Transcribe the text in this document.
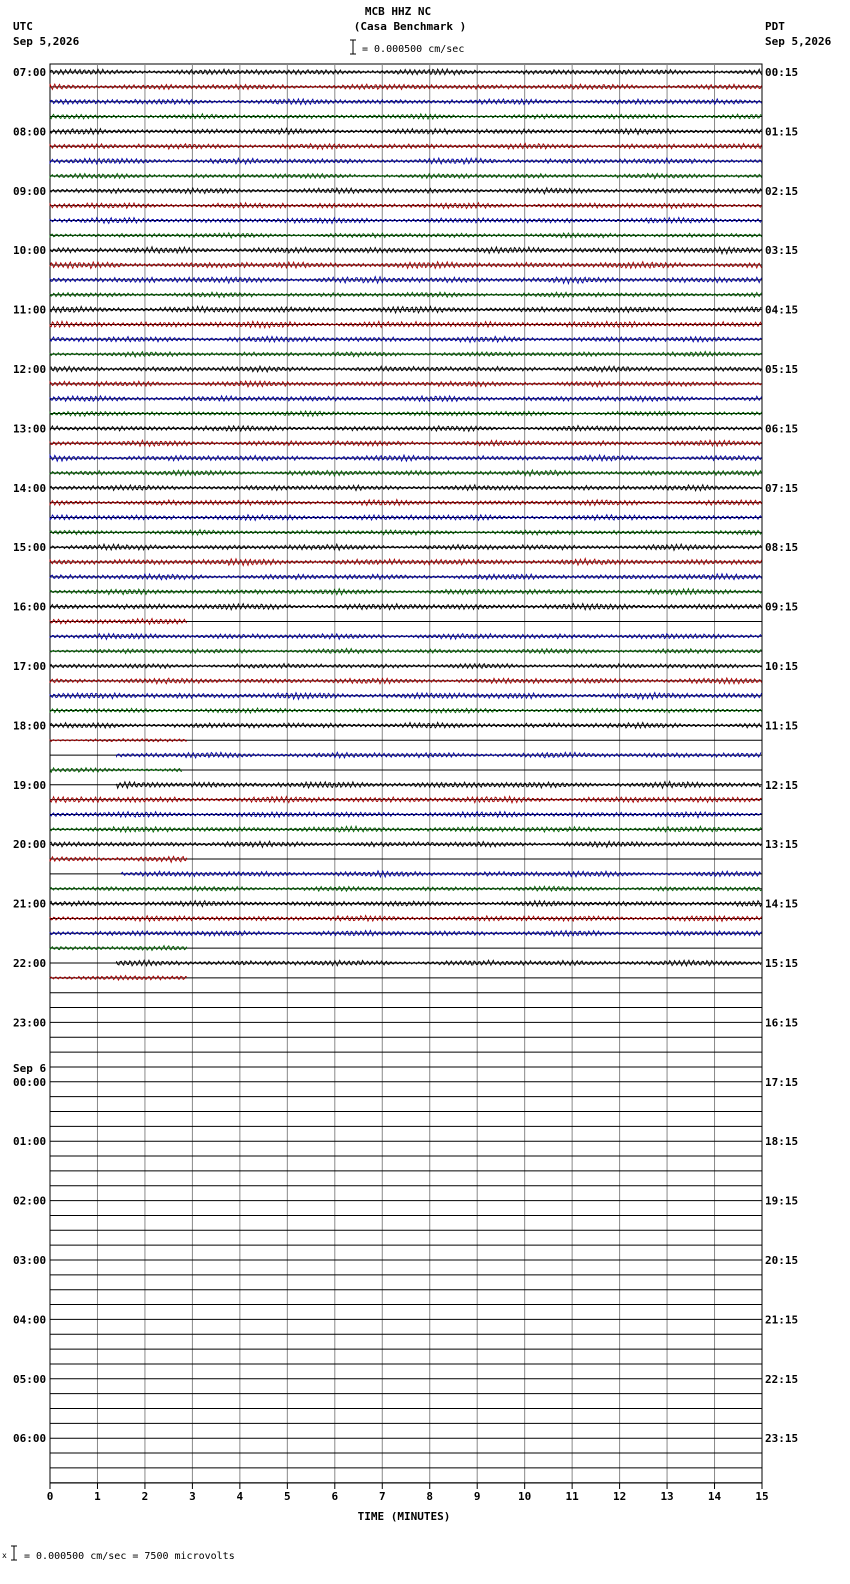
MCB HHZ NC
(Casa Benchmark )
= 0.000500 cm/sec
UTC
Sep 5,2026
PDT
Sep 5,2026
07:00
08:00
09:00
10:00
11:00
12:00
13:00
14:00
15:00
16:00
17:00
18:00
19:00
20:00
21:00
22:00
23:00
00:00
01:00
02:00
03:00
04:00
05:00
06:00
00:15
01:15
02:15
03:15
04:15
05:15
06:15
07:15
08:15
09:15
10:15
11:15
12:15
13:15
14:15
15:15
16:15
17:15
18:15
19:15
20:15
21:15
22:15
23:15
0	1	2	3	4	5	6	7	8	9	10	11	12	13	14	15
Sep 6
TIME (MINUTES)
x = 0.000500 cm/sec = 7500 microvolts
